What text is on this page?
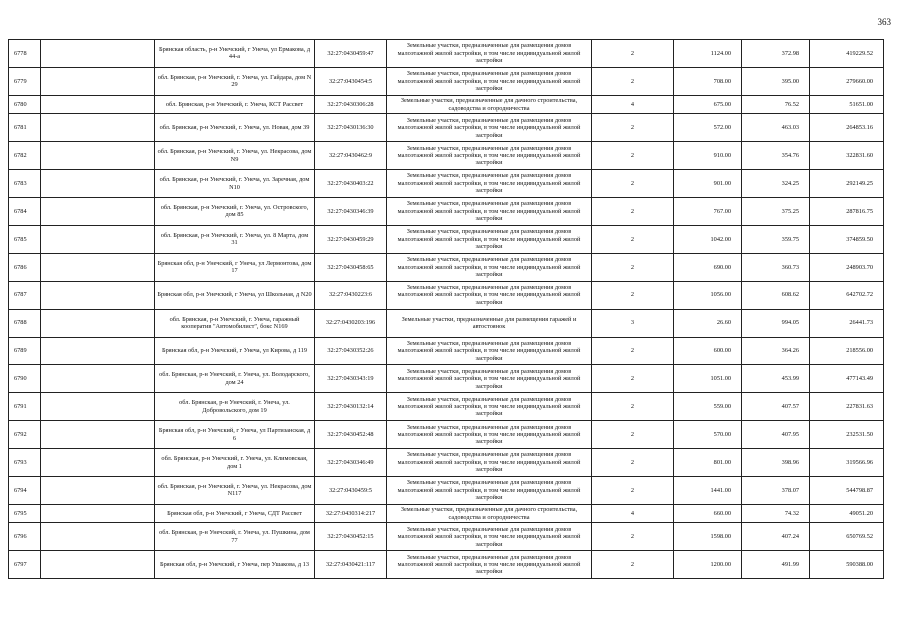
363
6778		Брянская область, р-н Унечский, г Унеча, ул Ермакова, д 44-а	32:27:0430459:47	Земельные участки, предназначенные для размещения домов малоэтажной жилой застройки, в том числе индивидуальной жилой застройки	2	1124.00	372.98	419229.52
6779		обл. Брянская, р-н Унечский, г. Унеча, ул. Гайдара, дом N 29	32:27:0430454:5	Земельные участки, предназначенные для размещения домов малоэтажной жилой застройки, в том числе индивидуальной жилой застройки	2	708.00	395.00	279660.00
6780		обл. Брянская, р-н Унечский, г. Унеча, КСТ Рассвет	32:27:0430306:28	Земельные участки, предназначенные для дачного строительства, садоводства и огородничества	4	675.00	76.52	51651.00
6781		обл. Брянская, р-н Унечский, г. Унеча, ул. Новая, дом 39	32:27:0430136:30	Земельные участки, предназначенные для размещения домов малоэтажной жилой застройки, в том числе индивидуальной жилой застройки	2	572.00	463.03	264853.16
6782		обл. Брянская, р-н Унечский, г. Унеча, ул. Некрасова, дом N9	32:27:0430462:9	Земельные участки, предназначенные для размещения домов малоэтажной жилой застройки, в том числе индивидуальной жилой застройки	2	910.00	354.76	322831.60
6783		обл. Брянская, р-н Унечский, г. Унеча, ул. Заречная, дом N10	32:27:0430403:22	Земельные участки, предназначенные для размещения домов малоэтажной жилой застройки, в том числе индивидуальной жилой застройки	2	901.00	324.25	292149.25
6784		обл. Брянская, р-н Унечский, г. Унеча, ул. Островского, дом 85	32:27:0430346:39	Земельные участки, предназначенные для размещения домов малоэтажной жилой застройки, в том числе индивидуальной жилой застройки	2	767.00	375.25	287816.75
6785		обл. Брянская, р-н Унечский, г. Унеча, ул. 8 Марта, дом 31	32:27:0430459:29	Земельные участки, предназначенные для размещения домов малоэтажной жилой застройки, в том числе индивидуальной жилой застройки	2	1042.00	359.75	374859.50
6786		Брянская обл, р-н Унечский, г Унеча, ул Лермонтова, дом 17	32:27:0430458:65	Земельные участки, предназначенные для размещения домов малоэтажной жилой застройки, в том числе индивидуальной жилой застройки	2	690.00	360.73	248903.70
6787		Брянская обл, р-н Унечский, г Унеча, ул Школьная, д N20	32:27:0430223:6	Земельные участки, предназначенные для размещения домов малоэтажной жилой застройки, в том числе индивидуальной жилой застройки	2	1056.00	608.62	642702.72
6788		обл. Брянская, р-н Унечский, г. Унеча, гаражный кооператив "Автомобилист", бокс N169	32:27:0430203:196	Земельные участки, предназначенные для размещения гаражей и автостоянок	3	26.60	994.05	26441.73
6789		Брянская обл, р-н Унечский, г Унеча, ул Кирова, д 119	32:27:0430352:26	Земельные участки, предназначенные для размещения домов малоэтажной жилой застройки, в том числе индивидуальной жилой застройки	2	600.00	364.26	218556.00
6790		обл. Брянская, р-н Унечский, г. Унеча, ул. Володарского, дом 24	32:27:0430343:19	Земельные участки, предназначенные для размещения домов малоэтажной жилой застройки, в том числе индивидуальной жилой застройки	2	1051.00	453.99	477143.49
6791		обл. Брянская, р-н Унечский, г. Унеча, ул. Добровольского, дом 19	32:27:0430132:14	Земельные участки, предназначенные для размещения домов малоэтажной жилой застройки, в том числе индивидуальной жилой застройки	2	559.00	407.57	227831.63
6792		Брянская обл, р-н Унечский, г Унеча, ул Партизанская, д 6	32:27:0430452:48	Земельные участки, предназначенные для размещения домов малоэтажной жилой застройки, в том числе индивидуальной жилой застройки	2	570.00	407.95	232531.50
6793		обл. Брянская, р-н Унечский, г. Унеча, ул. Климовская, дом 1	32:27:0430346:49	Земельные участки, предназначенные для размещения домов малоэтажной жилой застройки, в том числе индивидуальной жилой застройки	2	801.00	398.96	319566.96
6794		обл. Брянская, р-н Унечский, г. Унеча, ул. Некрасова, дом N117	32:27:0430459:5	Земельные участки, предназначенные для размещения домов малоэтажной жилой застройки, в том числе индивидуальной жилой застройки	2	1441.00	378.07	544798.87
6795		Брянская обл, р-н Унечский, г Унеча, СДТ Рассвет	32:27:0430314:217	Земельные участки, предназначенные для дачного строительства, садоводства и огородничества	4	660.00	74.32	49051.20
6796		обл. Брянская, р-н Унечский, г. Унеча, ул. Пушкина, дом 77	32:27:0430452:15	Земельные участки, предназначенные для размещения домов малоэтажной жилой застройки, в том числе индивидуальной жилой застройки	2	1598.00	407.24	650769.52
6797		Брянская обл, р-н Унечский, г Унеча, пер Ушакова, д 13	32:27:0430421:117	Земельные участки, предназначенные для размещения домов малоэтажной жилой застройки, в том числе индивидуальной жилой застройки	2	1200.00	491.99	590388.00
